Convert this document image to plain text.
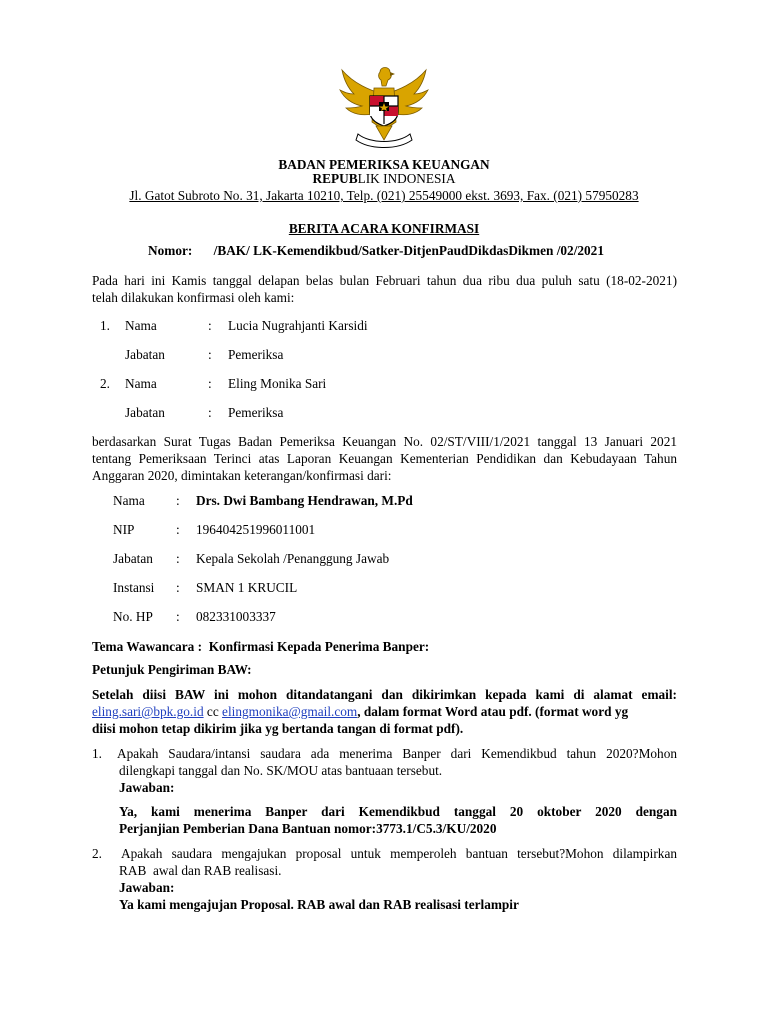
BADAN PEMERIKSA KEUANGAN
REPUBLIK INDONESIA
Jl. Gatot Subroto No. 31, Jakarta 10210, Telp. (021) 25549000 ekst. 3693, Fax. (021) 57950283
BERITA ACARA KONFIRMASI
Nomor: /BAK/ LK-Kemendikbud/Satker-DitjenPaudDikdasDikmen /02/2021
Pada hari ini Kamis tanggal delapan belas bulan Februari tahun dua ribu dua puluh satu (18-02-2021)
telah dilakukan konfirmasi oleh kami:
1. Nama	: Lucia Nugrahjanti Karsidi
Jabatan	: Pemeriksa
2. Nama	: Eling Monika Sari
Jabatan	: Pemeriksa
berdasarkan Surat Tugas Badan Pemeriksa Keuangan No. 02/ST/VIII/1/2021 tanggal 13 Januari 2021
tentang Pemeriksaan Terinci atas Laporan Keuangan Kementerian Pendidikan dan Kebudayaan Tahun
Anggaran 2020, dimintakan keterangan/konfirmasi dari:
Nama : Drs. Dwi Bambang Hendrawan, M.Pd
NIP	: 196404251996011001
Jabatan : Kepala Sekolah /Penanggung Jawab
Instansi : SMAN 1 KRUCIL
No. HP : 082331003337
Tema Wawancara :  Konfirmasi Kepada Penerima Banper:
Petunjuk Pengiriman BAW:
Setelah diisi BAW ini mohon ditandatangani dan dikirimkan kepada kami di alamat email:
eling.sari@bpk.go.id cc elingmonika@gmail.com, dalam format Word atau pdf. (format word yg
diisi mohon tetap dikirim jika yg bertanda tangan di format pdf).
1. Apakah Saudara/intansi saudara ada menerima Banper dari Kemendikbud tahun 2020?Mohon
dilengkapi tanggal dan No. SK/MOU atas bantuaan tersebut.
Jawaban:
Ya, kami menerima Banper dari Kemendikbud tanggal 20 oktober 2020 dengan
Perjanjian Pemberian Dana Bantuan nomor:3773.1/C5.3/KU/2020
2. Apakah saudara mengajukan proposal untuk memperoleh bantuan tersebut?Mohon dilampirkan
RAB  awal dan RAB realisasi.
Jawaban:
Ya kami mengajujan Proposal. RAB awal dan RAB realisasi terlampir
